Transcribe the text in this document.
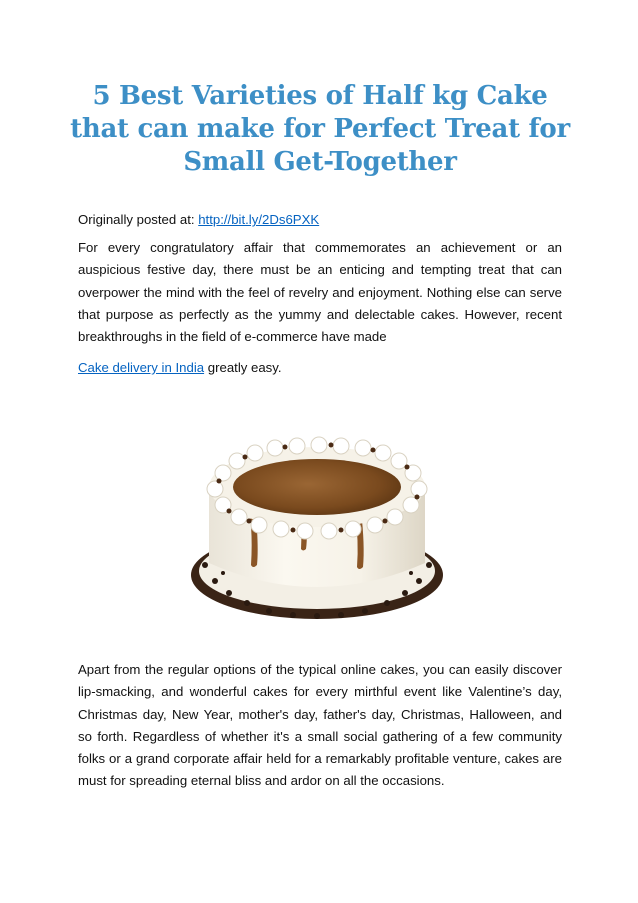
5 Best Varieties of Half kg Cake that can make for Perfect Treat for Small Get-Together

Originally posted at: http://bit.ly/2Ds6PXK

For every congratulatory affair that commemorates an achievement or an auspicious festive day, there must be an enticing and tempting treat that can overpower the mind with the feel of revelry and enjoyment. Nothing else can serve that purpose as perfectly as the yummy and delectable cakes. However, recent breakthroughs in the field of e-commerce have made

Cake delivery in India greatly easy.

Apart from the regular options of the typical online cakes, you can easily discover lip-smacking, and wonderful cakes for every mirthful event like Valentine’s day, Christmas day, New Year, mother's day, father's day, Christmas, Halloween, and so forth. Regardless of whether it's a small social gathering of a few community folks or a grand corporate affair held for a remarkably profitable venture, cakes are must for spreading eternal bliss and ardor on all the occasions.
